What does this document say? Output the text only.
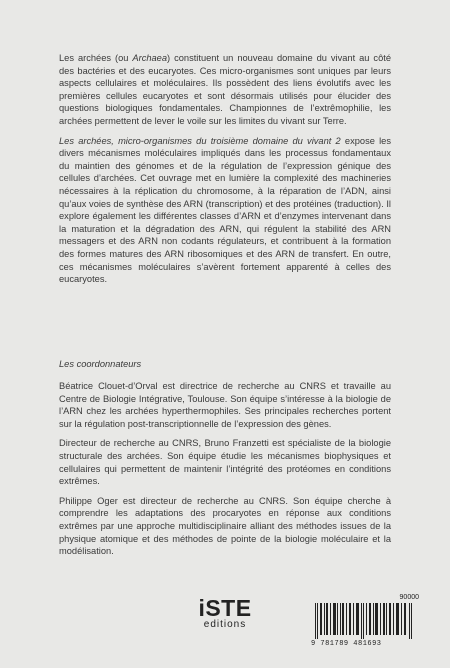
Les archées (ou Archaea) constituent un nouveau domaine du vivant au côté des bactéries et des eucaryotes. Ces micro-organismes sont uniques par leurs aspects cellulaires et moléculaires. Ils possèdent des liens évolutifs avec les premières cellules eucaryotes et sont désormais utilisés pour élucider des questions biologiques fondamentales. Championnes de l’extrêmophilie, les archées permettent de lever le voile sur les limites du vivant sur Terre.

Les archées, micro-organismes du troisième domaine du vivant 2 expose les divers mécanismes moléculaires impliqués dans les processus fondamentaux du maintien des génomes et de la régulation de l’expression génique des cellules d’archées. Cet ouvrage met en lumière la complexité des machineries nécessaires à la réplication du chromosome, à la réparation de l’ADN, ainsi qu’aux voies de synthèse des ARN (transcription) et des protéines (traduction). Il explore également les différentes classes d’ARN et d’enzymes intervenant dans la maturation et la dégradation des ARN, qui régulent la stabilité des ARN messagers et des ARN non codants régulateurs, et contribuent à la formation des formes matures des ARN ribosomiques et des ARN de transfert. En outre, ces mécanismes moléculaires s’avèrent fortement apparenté à celles des eucaryotes.

Les coordonnateurs

Béatrice Clouet-d’Orval est directrice de recherche au CNRS et travaille au Centre de Biologie Intégrative, Toulouse. Son équipe s’intéresse à la biologie de l’ARN chez les archées hyperthermophiles. Ses principales recherches portent sur la régulation post-transcriptionnelle de l’expression des gènes.

Directeur de recherche au CNRS, Bruno Franzetti est spécialiste de la biologie structurale des archées. Son équipe étudie les mécanismes biophysiques et cellulaires qui permettent de maintenir l’intégrité des protéomes en conditions extrêmes.

Philippe Oger est directeur de recherche au CNRS. Son équipe cherche à comprendre les adaptations des procaryotes en réponse aux conditions extrêmes par une approche multidisciplinaire alliant des méthodes issues de la physique atomique et des méthodes de pointe de la biologie moléculaire et la modélisation.

iSTE
editions
90000
9 781789 481693
